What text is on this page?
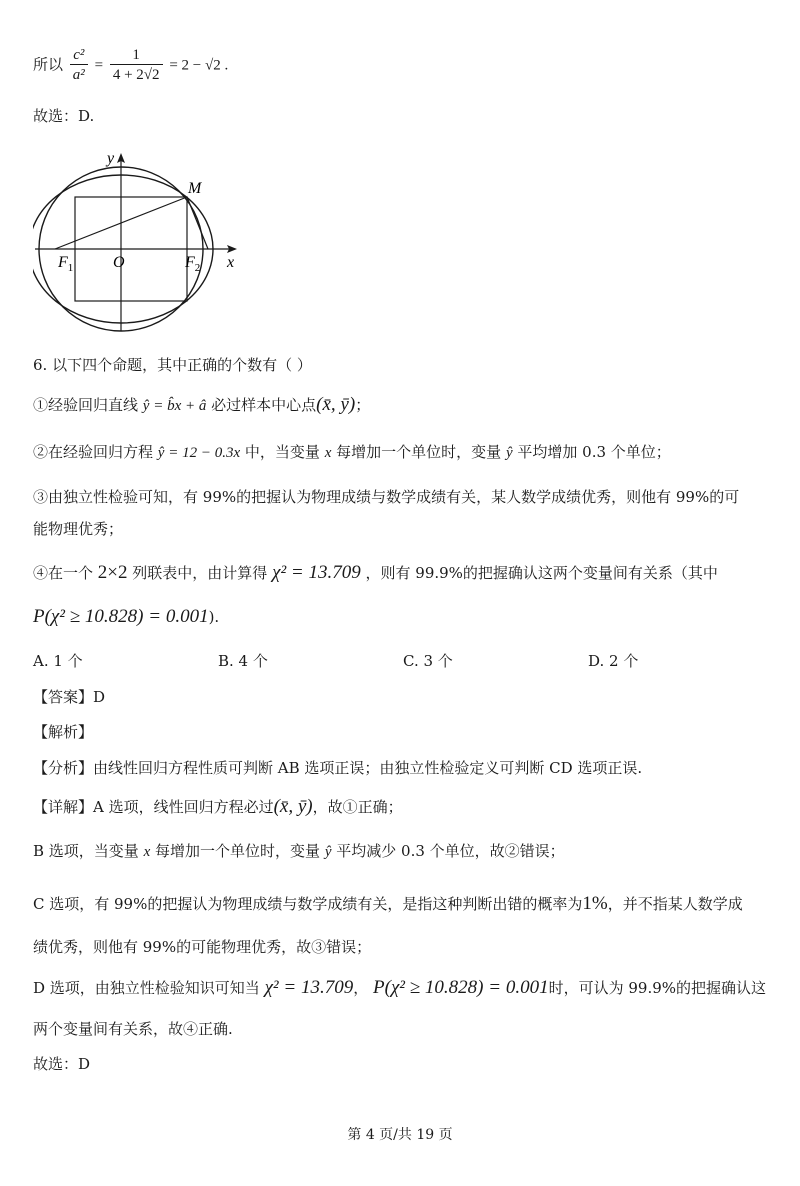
所以 $\frac{\text{c²}}{\text{a²}} = \frac{1}{4 + 2√2} = 2 - √2$ .
故选：D.
y
M
x
O
$F_1$	$F_2$
6. 以下四个命题，其中正确的个数有（ ）
①经验回归直线 ŷ = b̂x + â 必过样本中心点(x̄, ȳ)；
②在经验回归方程 ŷ = 12 − 0.3x 中，当变量 x 每增加一个单位时，变量 ŷ 平均增加 0.3 个单位；
③由独立性检验可知，有 99%的把握认为物理成绩与数学成绩有关，某人数学成绩优秀，则他有 99%的可
能物理优秀；
④在一个 2×2 列联表中，由计算得 χ² = 13.709 ，则有 99.9%的把握确认这两个变量间有关系（其中
P(χ² ≥ 10.828) = 0.001).
A. 1 个	B. 4 个	C. 3 个	D. 2 个
【答案】D
【解析】
【分析】由线性回归方程性质可判断 AB 选项正误；由独立性检验定义可判断 CD 选项正误.
【详解】A 选项，线性回归方程必过(x̄, ȳ)，故①正确；
B 选项，当变量 x 每增加一个单位时，变量 ŷ 平均减少 0.3 个单位，故②错误；
C 选项，有 99%的把握认为物理成绩与数学成绩有关，是指这种判断出错的概率为1%，并不指某人数学成
绩优秀，则他有 99%的可能物理优秀，故③错误；
D 选项，由独立性检验知识可知当 χ² = 13.709， P(χ² ≥ 10.828) = 0.001时，可认为 99.9%的把握确认这
两个变量间有关系，故④正确.
故选：D
第 4 页/共 19 页
